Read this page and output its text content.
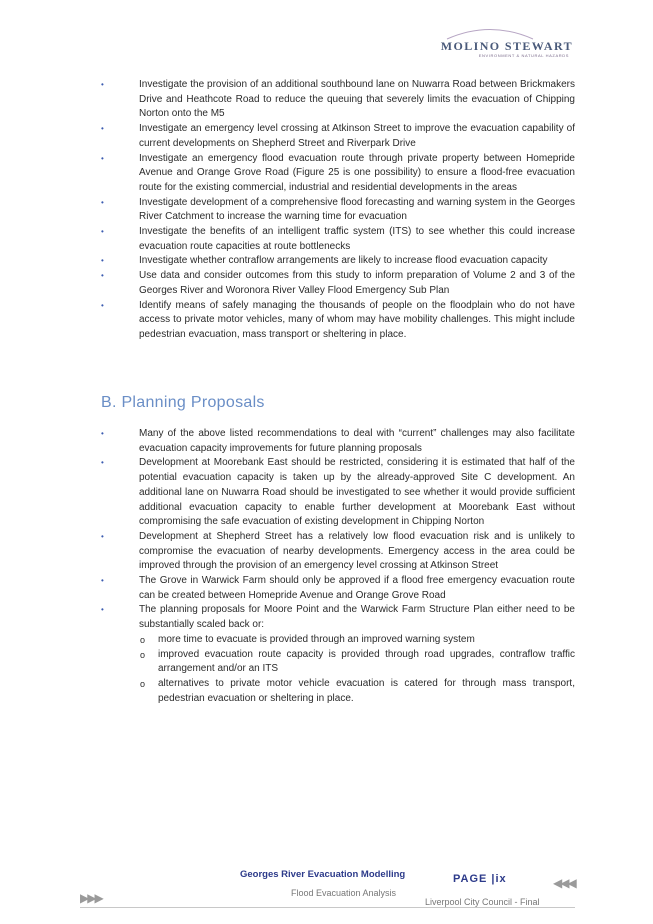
MOLINO STEWART
ENVIRONMENT & NATURAL HAZARDS
•	Investigate the provision of an additional southbound lane on Nuwarra Road between Brickmakers Drive and Heathcote Road to reduce the queuing that severely limits the evacuation of Chipping Norton onto the M5
•	Investigate an emergency level crossing at Atkinson Street to improve the evacuation capability of current developments on Shepherd Street and Riverpark Drive
•	Investigate an emergency flood evacuation route through private property between Homepride Avenue and Orange Grove Road (Figure 25 is one possibility) to ensure a flood-free evacuation route for the existing commercial, industrial and residential developments in the areas
•	Investigate development of a comprehensive flood forecasting and warning system in the Georges River Catchment to increase the warning time for evacuation
•	Investigate the benefits of an intelligent traffic system (ITS) to see whether this could increase evacuation route capacities at route bottlenecks
•	Investigate whether contraflow arrangements are likely to increase flood evacuation capacity
•	Use data and consider outcomes from this study to inform preparation of Volume 2 and 3 of the Georges River and Woronora River Valley Flood Emergency Sub Plan
•	Identify means of safely managing the thousands of people on the floodplain who do not have access to private motor vehicles, many of whom may have mobility challenges. This might include pedestrian evacuation, mass transport or sheltering in place.
B. Planning Proposals
•	Many of the above listed recommendations to deal with “current” challenges may also facilitate evacuation capacity improvements for future planning proposals
•	Development at Moorebank East should be restricted, considering it is estimated that half of the potential evacuation capacity is taken up by the already-approved Site C development. An additional lane on Nuwarra Road should be investigated to see whether it would provide sufficient additional evacuation capacity to enable further development at Moorebank East without compromising the safe evacuation of existing development in Chipping Norton
•	Development at Shepherd Street has a relatively low flood evacuation risk and is unlikely to compromise the evacuation of nearby developments. Emergency access in the area could be improved through the provision of an emergency level crossing at Atkinson Street
•	The Grove in Warwick Farm should only be approved if a flood free emergency evacuation route can be created between Homepride Avenue and Orange Grove Road
•	The planning proposals for Moore Point and the Warwick Farm Structure Plan either need to be substantially scaled back or:
o more time to evacuate is provided through an improved warning system
o improved evacuation route capacity is provided through road upgrades, contraflow traffic arrangement and/or an ITS
o alternatives to private motor vehicle evacuation is catered for through mass transport, pedestrian evacuation or sheltering in place.
▶▶▶
◀◀◀
Georges River Evacuation Modelling	PAGE |ix
Flood Evacuation Analysis
Liverpool City Council - Final
